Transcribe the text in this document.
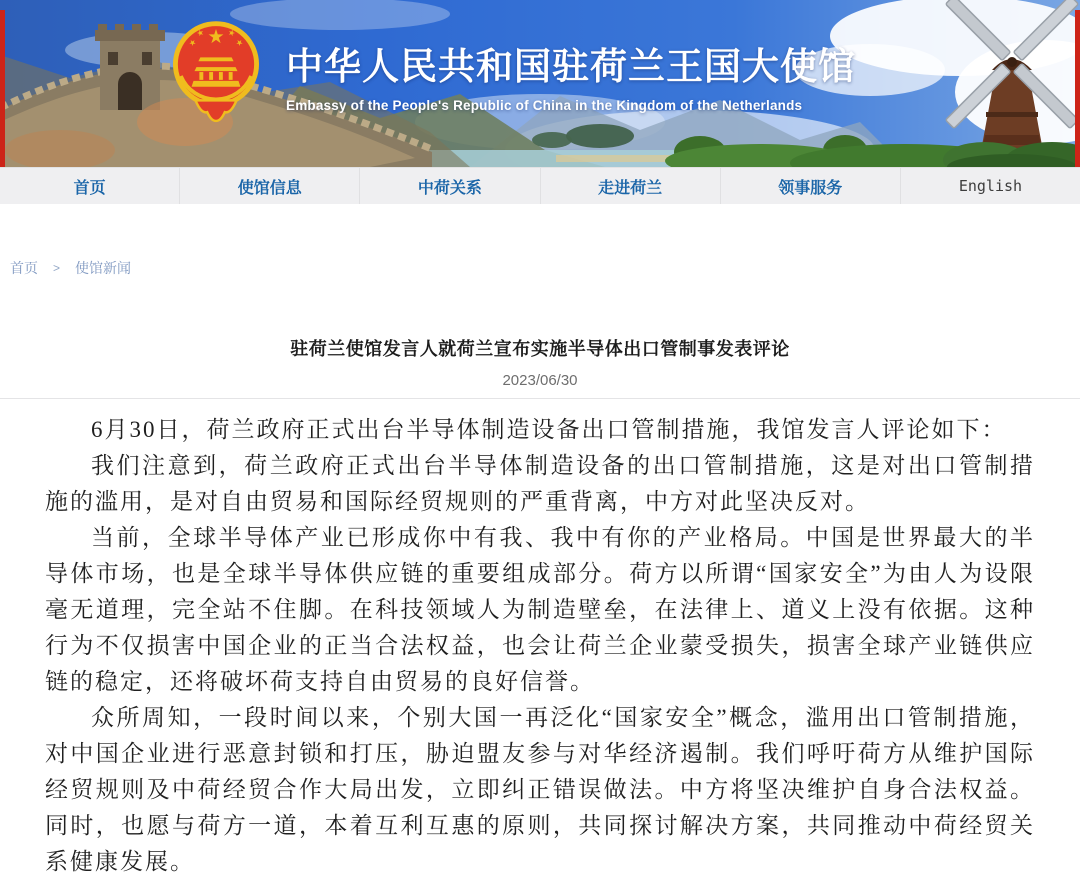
中华人民共和国驻荷兰王国大使馆
Embassy of the People's Republic of China in the Kingdom of the Netherlands
首页	使馆信息	中荷关系	走进荷兰	领事服务	English
首页 > 使馆新闻
驻荷兰使馆发言人就荷兰宣布实施半导体出口管制事发表评论
2023/06/30

6月30日，荷兰政府正式出台半导体制造设备出口管制措施，我馆发言人评论如下：

我们注意到，荷兰政府正式出台半导体制造设备的出口管制措施，这是对出口管制措施的滥用，是对自由贸易和国际经贸规则的严重背离，中方对此坚决反对。

当前，全球半导体产业已形成你中有我、我中有你的产业格局。中国是世界最大的半导体市场，也是全球半导体供应链的重要组成部分。荷方以所谓“国家安全”为由人为设限毫无道理，完全站不住脚。在科技领域人为制造壁垒，在法律上、道义上没有依据。这种行为不仅损害中国企业的正当合法权益，也会让荷兰企业蒙受损失，损害全球产业链供应链的稳定，还将破坏荷支持自由贸易的良好信誉。

众所周知，一段时间以来，个别大国一再泛化“国家安全”概念，滥用出口管制措施，对中国企业进行恶意封锁和打压，胁迫盟友参与对华经济遏制。我们呼吁荷方从维护国际经贸规则及中荷经贸合作大局出发，立即纠正错误做法。中方将坚决维护自身合法权益。同时，也愿与荷方一道，本着互利互惠的原则，共同探讨解决方案，共同推动中荷经贸关系健康发展。
